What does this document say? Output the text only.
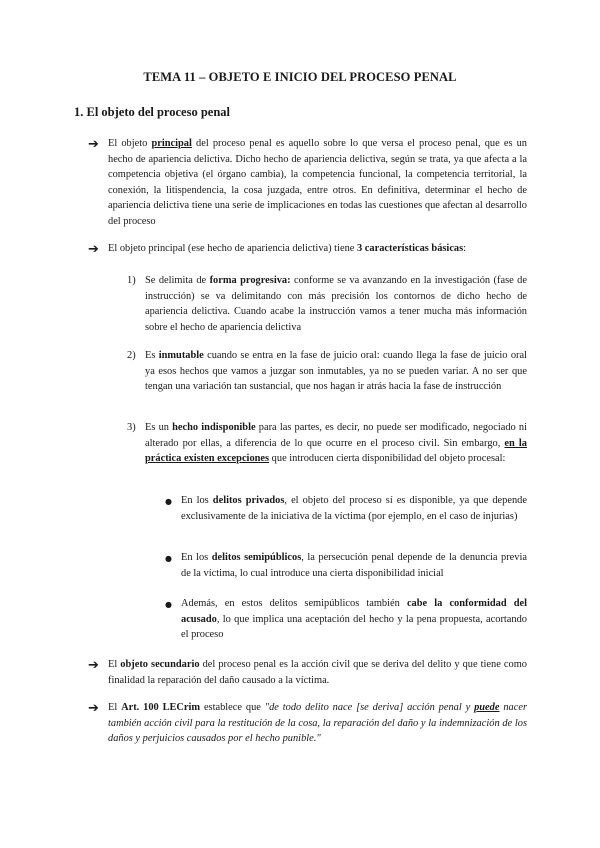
TEMA 11 – OBJETO E INICIO DEL PROCESO PENAL
1. El objeto del proceso penal
➔ El objeto principal del proceso penal es aquello sobre lo que versa el proceso penal, que es un hecho de apariencia delictiva. Dicho hecho de apariencia delictiva, según se trata, ya que afecta a la competencia objetiva (el órgano cambia), la competencia funcional, la competencia territorial, la conexión, la litispendencia, la cosa juzgada, entre otros. En definitiva, determinar el hecho de apariencia delictiva tiene una serie de implicaciones en todas las cuestiones que afectan al desarrollo del proceso
➔ El objeto principal (ese hecho de apariencia delictiva) tiene 3 características básicas:
1) Se delimita de forma progresiva: conforme se va avanzando en la investigación (fase de instrucción) se va delimitando con más precisión los contornos de dicho hecho de apariencia delictiva. Cuando acabe la instrucción vamos a tener mucha más información sobre el hecho de apariencia delictiva
2) Es inmutable cuando se entra en la fase de juicio oral: cuando llega la fase de juicio oral ya esos hechos que vamos a juzgar son inmutables, ya no se pueden variar. A no ser que tengan una variación tan sustancial, que nos hagan ir atrás hacia la fase de instrucción
3) Es un hecho indisponible para las partes, es decir, no puede ser modificado, negociado ni alterado por ellas, a diferencia de lo que ocurre en el proceso civil. Sin embargo, en la práctica existen excepciones que introducen cierta disponibilidad del objeto procesal:
● En los delitos privados, el objeto del proceso sí es disponible, ya que depende exclusivamente de la iniciativa de la víctima (por ejemplo, en el caso de injurias)
● En los delitos semipúblicos, la persecución penal depende de la denuncia previa de la víctima, lo cual introduce una cierta disponibilidad inicial
● Además, en estos delitos semipúblicos también cabe la conformidad del acusado, lo que implica una aceptación del hecho y la pena propuesta, acortando el proceso
➔ El objeto secundario del proceso penal es la acción civil que se deriva del delito y que tiene como finalidad la reparación del daño causado a la víctima.
➔ El Art. 100 LECrim establece que "de todo delito nace [se deriva] acción penal y puede nacer también acción civil para la restitución de la cosa, la reparación del daño y la indemnización de los daños y perjuicios causados por el hecho punible."
